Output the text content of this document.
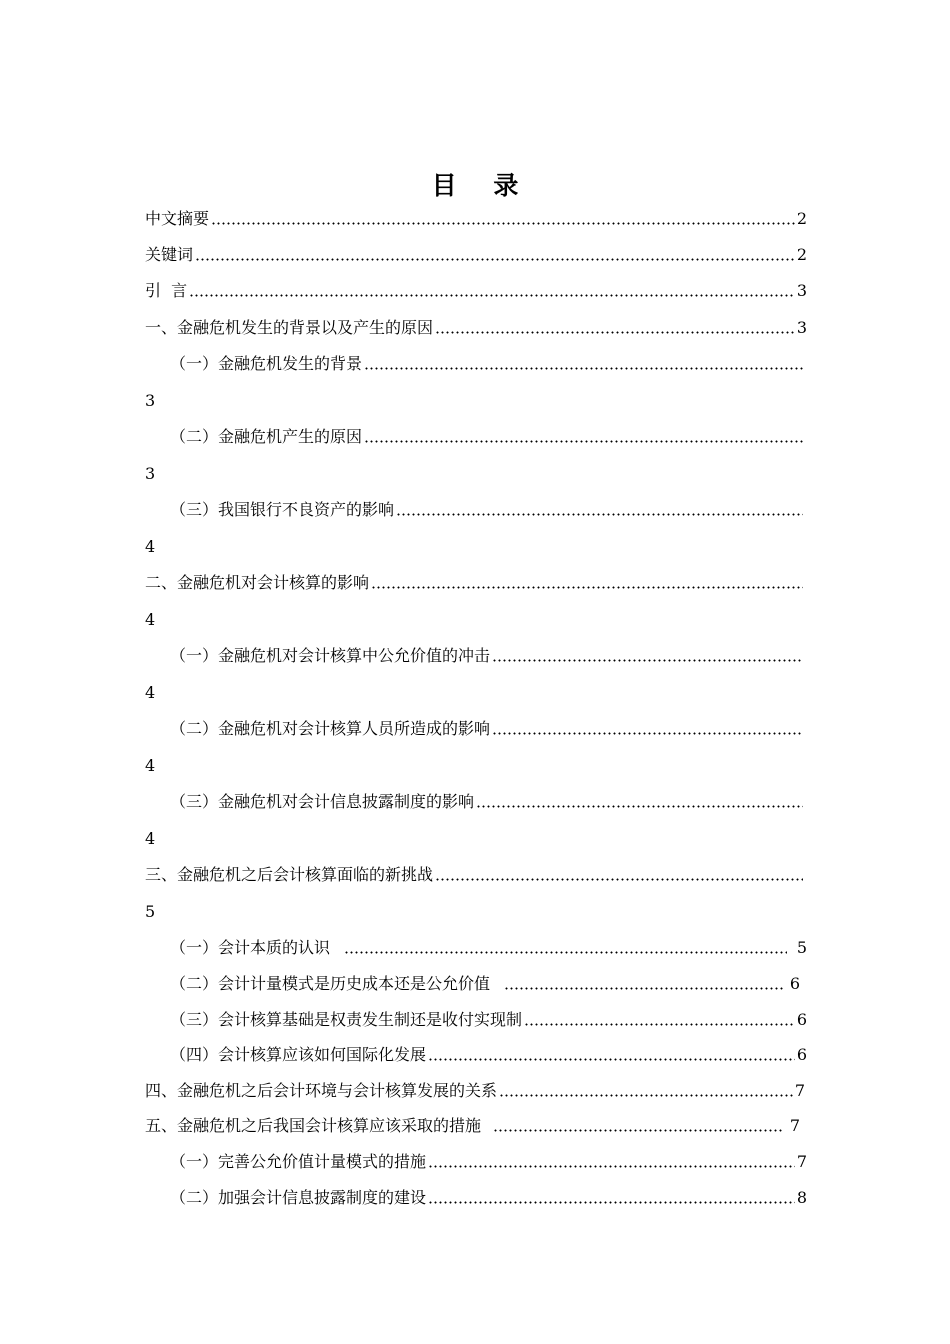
目 录
中文摘要	2
关键词	2
引  言	3
一、金融危机发生的背景以及产生的原因	3
（一）金融危机发生的背景
3
（二）金融危机产生的原因
3
（三）我国银行不良资产的影响
4
二、金融危机对会计核算的影响
4
（一）金融危机对会计核算中公允价值的冲击
4
（二）金融危机对会计核算人员所造成的影响
4
（三）金融危机对会计信息披露制度的影响
4
三、金融危机之后会计核算面临的新挑战
5
（一）会计本质的认识	5
（二）会计计量模式是历史成本还是公允价值	6
（三）会计核算基础是权责发生制还是收付实现制	6
（四）会计核算应该如何国际化发展	6
四、金融危机之后会计环境与会计核算发展的关系	7
五、金融危机之后我国会计核算应该采取的措施	7
（一）完善公允价值计量模式的措施	7
（二）加强会计信息披露制度的建设	8
